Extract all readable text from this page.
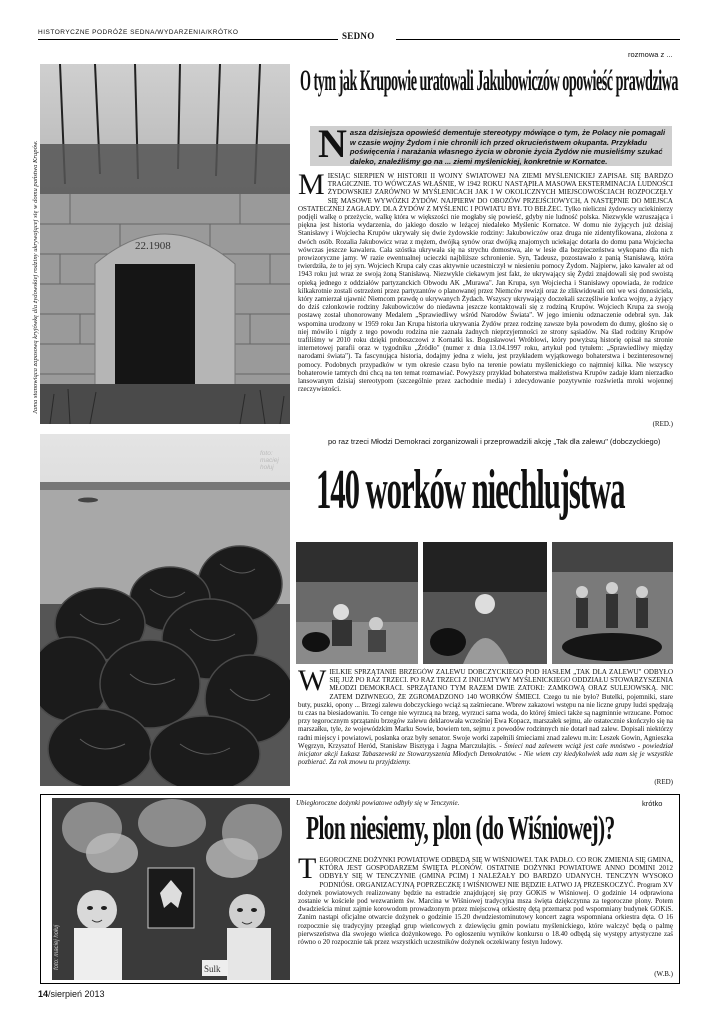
HISTORYCZNE PODRÓŻE SEDNA/WYDARZENIA/KRÓTKO	SEDNO
rozmowa z ...
Jama stanowiąca zapasową kryjówkę dla żydowskiej rodziny ukrywającej się w domu państwa Krupów.	22.1908
O tym jak Krupowie uratowali Jakubowiczów opowieść prawdziwa
N asza dzisiejsza opowieść dementuje stereotypy mówiące o tym, że Polacy nie pomagali w czasie wojny Żydom i nie chronili ich przed okrucieństwem okupanta. Przykładu poświęcenia i narażania własnego życia w obronie życia Żydów nie musieliśmy szukać daleko, znaleźliśmy go na ... ziemi myślenickiej, konkretnie w Kornatce.
M IESIĄC SIERPIEŃ W HISTORII II WOJNY ŚWIATOWEJ NA ZIEMI MYŚLENICKIEJ ZAPISAŁ SIĘ BARDZO TRAGICZNIE. TO WÓWCZAS WŁAŚNIE, W 1942 ROKU NASTĄPIŁA MASOWA EKSTERMINACJA LUDNOŚCI ŻYDOWSKIEJ ZARÓWNO W MYŚLENICACH JAK I W OKOLICZNYCH MIEJSCOWOŚCIACH ROZPOCZĘŁY SIĘ MASOWE WYWÓZKI ŻYDÓW. NAJPIERW DO OBOZÓW PRZEJŚCIOWYCH, A NASTĘPNIE DO MIEJSCA OSTATECZNEJ ZAGŁADY. DLA ŻYDÓW Z MYŚLENIC I POWIATU BYŁ TO BEŁŻEC. Tylko nieliczni żydowscy uciekinierzy podjęli walkę o przeżycie, walkę która w większości nie mogłaby się powieść, gdyby nie ludność polska. Niezwykle wzruszająca i piękna jest historia wydarzenia, do jakiego doszło w leżącej niedaleko Myślenic Kornatce. W domu nie żyjących już dzisiaj Stanisławy i Wojciecha Krupów ukrywały się dwie żydowskie rodziny: Jakubowiczów oraz druga nie zidentyfikowana, złożona z dwóch osób. Rozalia Jakubowicz wraz z mężem, dwójką synów oraz dwójką znajomych uciekając dotarła do domu pana Wojciecha wówczas jeszcze kawalera. Cała szóstka ukrywała się na strychu domostwa, ale w lesie dla bezpieczeństwa wykopano dla nich prowizoryczne jamy. W razie ewentualnej ucieczki najbliższe schronienie. Syn, Tadeusz, pozostawało z panią Stanisławą, która twierdziła, że to jej syn. Wojciech Krupa cały czas aktywnie uczestniczył w niesieniu pomocy Żydom. Najpierw, jako kawaler aż od 1943 roku już wraz ze swoją żoną Stanisławą. Niezwykle ciekawym jest fakt, że ukrywający się Żydzi znajdowali się pod swoistą opieką jednego z oddziałów partyzanckich Obwodu AK „Murawa". Jan Krupa, syn Wojciecha i Stanisławy opowiada, że rodzice kilkakrotnie zostali ostrzeżeni przez partyzantów o planowanej przez Niemców rewizji oraz że zlikwidowali oni we wsi donosiciela, który zamierzał ujawnić Niemcom prawdę o ukrywanych Żydach. Wszyscy ukrywający doczekali szczęśliwie końca wojny, a żyjący do dziś członkowie rodziny Jakubowiczów do niedawna jeszcze kontaktowali się z rodziną Krupów. Wojciech Krupa za swoją postawę został uhonorowany Medalem „Sprawiedliwy wśród Narodów Świata". W jego imieniu odznaczenie odebrał syn. Jak wspomina urodzony w 1959 roku Jan Krupa historia ukrywania Żydów przez rodzinę zawsze była powodem do dumy, głośno się o niej mówiło i nigdy z tego powodu rodzina nie zaznała żadnych nieprzyjemności ze strony sąsiadów. Na ślad rodziny Krupów trafiliśmy w 2010 roku dzięki proboszczowi z Kornatki ks. Bogusławowi Wróblowi, który powyższą historię opisał na stronie internetowej parafii oraz w tygodniku „Źródło" (numer z dnia 13.04.1997 roku, artykuł pod tytułem: „Sprawiedliwy między narodami świata"). Ta fascynująca historia, dodajmy jedna z wielu, jest przykładem wyjątkowego bohaterstwa i bezinteresownej pomocy. Podobnych przypadków w tym okresie czasu było na terenie powiatu myślenickiego co najmniej kilka. Nie wszyscy bohaterowie tamtych dni chcą na ten temat rozmawiać. Powyższy przykład bohaterstwa małżeństwa Krupów zadaje kłam nierzadko lansowanym dzisiaj stereotypom (szczególnie przez zachodnie media) i zdecydowanie pozytywnie rozświetla mroki wojennej rzeczywistości.
(RED.)
foto: maciej hołuj
po raz trzeci Młodzi Demokraci zorganizowali i przeprowadzili akcję „Tak dla zalewu" (dobczyckiego)
140 worków niechlujstwa
W IELKIE SPRZĄTANIE BRZEGÓW ZALEWU DOBCZYCKIEGO POD HASŁEM „TAK DLA ZALEWU" ODBYŁO SIĘ JUŻ PO RAZ TRZECI. PO RAZ TRZECI Z INICJATYWY MYŚLENICKIEGO ODDZIAŁU STOWARZYSZENIA MŁODZI DEMOKRACI. SPRZĄTANO TYM RAZEM DWIE ZATOKI: ZAMKOWĄ ORAZ SULEJOWSKĄ. NIC ZATEM DZIWNEGO, ŻE ZGROMADZONO 140 WORKÓW ŚMIECI. Czego tu nie było? Butelki, pojemniki, stare buty, puszki, opony ... Brzegi zalewu dobczyckiego wciąż są zaśmiecane. Wbrew zakazowi wstępu na nie liczne grupy ludzi spędzają tu czas na biesiadowaniu. To cenge nie wyrzucą na brzeg, wyrzuci sama woda, do której śmieci także są nagminnie wrzucane. Pomoc przy tegorocznym sprzątaniu brzegów zalewu deklarowała wcześniej Ewa Kopacz, marszałek sejmu, ale ostatecznie skończyło się na marszałku, tyle, że wojewódzkim Marku Sowie, bowiem ten, sejmu z powodów rodzinnych nie dotarł nad zalew. Dopisali niektórzy radni miejscy i powiatowi, posłanka oraz były senator. Swoje worki zapełnili śmieciami znad zalewu m.in: Leszek Gowin, Agnieszka Węgrzyn, Krzysztof Heród, Stanisław Bisztyga i Jagna Marczułajtis. - Śmieci nad zalewem wciąż jest całe mnóstwo - powiedział inicjator akcji Łukasz Tabaszewski ze Stowarzyszenia Młodych Demokratów. - Nie wiem czy kiedykolwiek uda nam się je wszystkie pozbierać. Za rok znowu tu przyjdziemy.
(RED)
Sulk
foto: maciej hołuj
Ubiegłoroczne dożynki powiatowe odbyły się w Tenczynie.	krótko
Plon niesiemy, plon (do Wiśniowej)?
T EGOROCZNE DOŻYNKI POWIATOWE ODBĘDĄ SIĘ W WIŚNIOWEJ. TAK PADŁO. CO ROK ZMIENIA SIĘ GMINA, KTÓRA JEST GOSPODARZEM ŚWIĘTA PLONÓW. OSTATNIE DOŻYNKI POWIATOWE ANNO DOMINI 2012 ODBYŁY SIĘ W TENCZYNIE (GMINA PCIM) I NALEŻAŁY DO BARDZO UDANYCH. TENCZYN WYSOKO PODNIÓSŁ ORGANIZACYJNĄ POPRZECZKĘ I WIŚNIOWEJ NIE BĘDZIE ŁATWO JĄ PRZESKOCZYĆ. Program XV dożynek powiatowych realizowany będzie na estradzie znajdującej się przy GOKiS w Wiśniowej. O godzinie 14 odprawiona zostanie w kościele pod wezwaniem św. Marcina w Wiśniowej tradycyjna msza święta dziękczynna za tegoroczne plony. Potem dwadzieścia minut zajmie korowodom prowadzonym przez miejscową orkiestrę dętą przemarsz pod wspomniany budynek GOKiS. Zanim nastąpi oficjalne otwarcie dożynek o godzinie 15.20 dwudziestominutowy koncert zagra wspomniana orkiestra dęta. O 16 rozpocznie się tradycyjny przegląd grup wieńcowych z dziewięciu gmin powiatu myślenickiego, które walczyć będą o palmę pierwszeństwa dla swojego wieńca dożynkowego. Po ogłoszeniu wyników konkursu o 18.40 odbędą się występy artystyczne zaś równo o 20 rozpocznie tak przez wszystkich uczestników dożynek oczekiwany festyn ludowy.
(W.B.)
14/sierpień 2013
